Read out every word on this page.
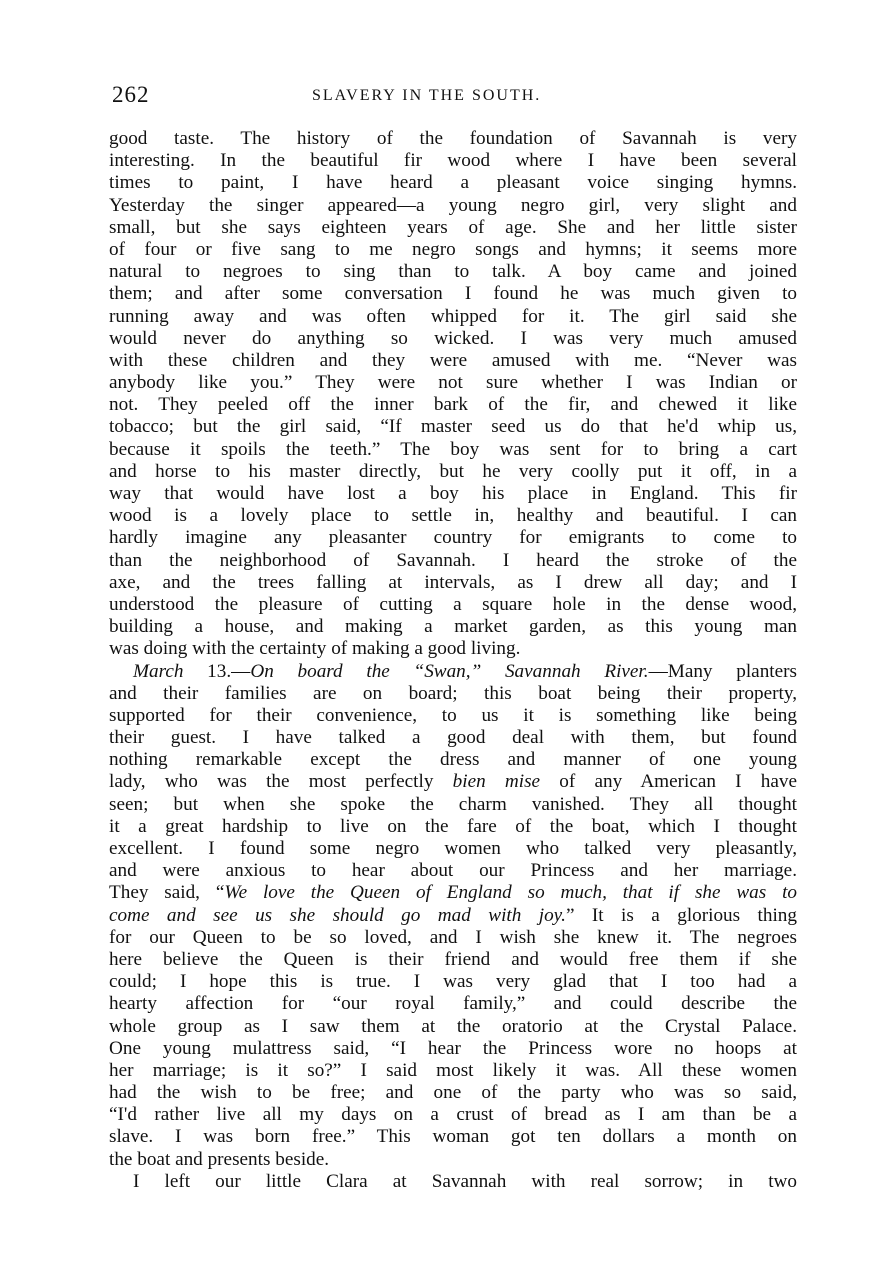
262	SLAVERY IN THE SOUTH.
good taste. The history of the foundation of Savannah is very
interesting. In the beautiful fir wood where I have been several
times to paint, I have heard a pleasant voice singing hymns.
Yesterday the singer appeared—a young negro girl, very slight and
small, but she says eighteen years of age. She and her little sister
of four or five sang to me negro songs and hymns; it seems more
natural to negroes to sing than to talk. A boy came and joined
them; and after some conversation I found he was much given to
running away and was often whipped for it. The girl said she
would never do anything so wicked. I was very much amused
with these children and they were amused with me. “Never was
anybody like you.” They were not sure whether I was Indian or
not. They peeled off the inner bark of the fir, and chewed it like
tobacco; but the girl said, “If master seed us do that he'd whip us,
because it spoils the teeth.” The boy was sent for to bring a cart
and horse to his master directly, but he very coolly put it off, in a
way that would have lost a boy his place in England. This fir
wood is a lovely place to settle in, healthy and beautiful. I can
hardly imagine any pleasanter country for emigrants to come to
than the neighborhood of Savannah. I heard the stroke of the
axe, and the trees falling at intervals, as I drew all day; and I
understood the pleasure of cutting a square hole in the dense wood,
building a house, and making a market garden, as this young man
was doing with the certainty of making a good living.
March 13.—On board the “Swan,” Savannah River.—Many planters
and their families are on board; this boat being their property,
supported for their convenience, to us it is something like being
their guest. I have talked a good deal with them, but found
nothing remarkable except the dress and manner of one young
lady, who was the most perfectly bien mise of any American I have
seen; but when she spoke the charm vanished. They all thought
it a great hardship to live on the fare of the boat, which I thought
excellent. I found some negro women who talked very pleasantly,
and were anxious to hear about our Princess and her marriage.
They said, “We love the Queen of England so much, that if she was to
come and see us she should go mad with joy.” It is a glorious thing
for our Queen to be so loved, and I wish she knew it. The negroes
here believe the Queen is their friend and would free them if she
could; I hope this is true. I was very glad that I too had a
hearty affection for “our royal family,” and could describe the
whole group as I saw them at the oratorio at the Crystal Palace.
One young mulattress said, “I hear the Princess wore no hoops at
her marriage; is it so?” I said most likely it was. All these women
had the wish to be free; and one of the party who was so said,
“I'd rather live all my days on a crust of bread as I am than be a
slave. I was born free.” This woman got ten dollars a month on
the boat and presents beside.
I left our little Clara at Savannah with real sorrow; in two
